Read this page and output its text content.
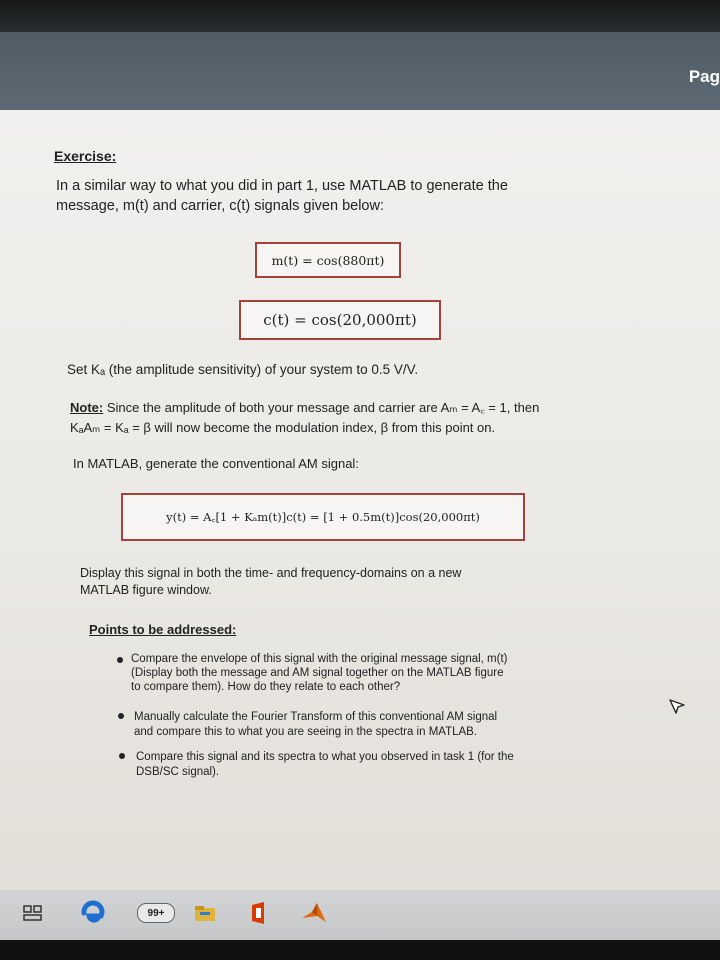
Pag
Exercise:
In a similar way to what you did in part 1, use MATLAB to generate the
message, m(t) and carrier, c(t) signals given below:
m(t) = cos(880πt)
c(t) = cos(20,000πt)
Set Kₐ (the amplitude sensitivity) of your system to 0.5 V/V.
Note: Since the amplitude of both your message and carrier are Aₘ = A꜀ = 1, then
KₐAₘ = Kₐ = β will now become the modulation index, β from this point on.
In MATLAB, generate the conventional AM signal:
y(t) = A꜀[1 + Kₐm(t)]c(t) = [1 + 0.5m(t)]cos(20,000πt)
Display this signal in both the time- and frequency-domains on a new
MATLAB figure window.
Points to be addressed:
Compare the envelope of this signal with the original message signal, m(t)
(Display both the message and AM signal together on the MATLAB figure
to compare them). How do they relate to each other?
Manually calculate the Fourier Transform of this conventional AM signal
and compare this to what you are seeing in the spectra in MATLAB.
Compare this signal and its spectra to what you observed in task 1 (for the
DSB/SC signal).
99+
